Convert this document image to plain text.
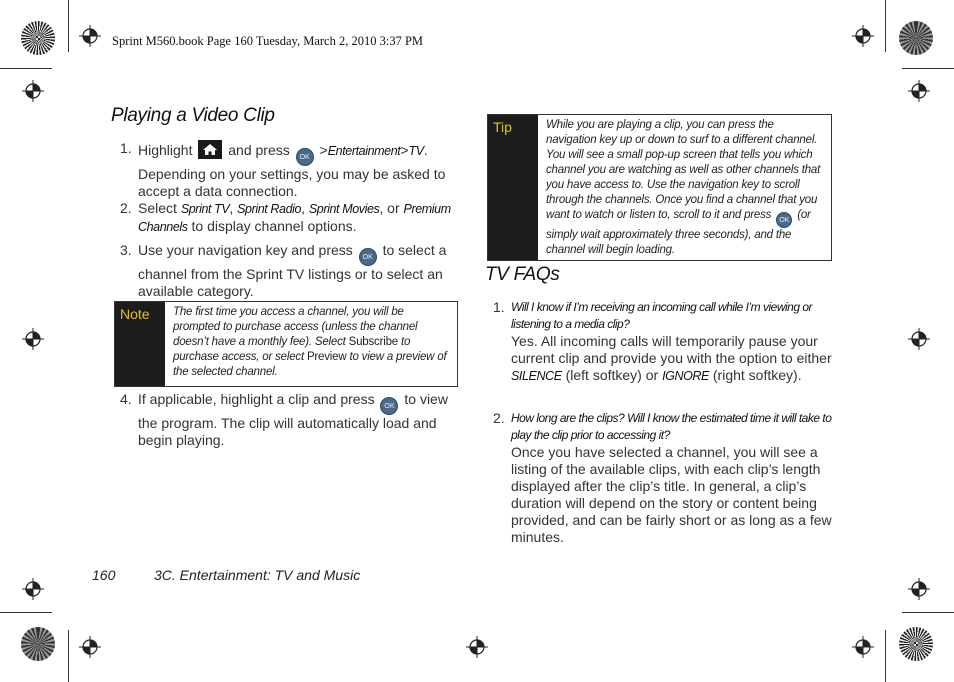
Sprint M560.book Page 160 Tuesday, March 2, 2010 3:37 PM
Playing a Video Clip
1. Highlight	and press OK >Entertainment>TV. Depending on your settings, you may be asked to accept a data connection.
2. Select Sprint TV, Sprint Radio, Sprint Movies, or Premium Channels to display channel options.
3. Use your navigation key and press OK to select a channel from the Sprint TV listings or to select an available category.
Note	The first time you access a channel, you will be prompted to purchase access (unless the channel doesn’t have a monthly fee). Select Subscribe to purchase access, or select Preview to view a preview of the selected channel.
4. If applicable, highlight a clip and press OK to view the program. The clip will automatically load and begin playing.
Tip	While you are playing a clip, you can press the navigation key up or down to surf to a different channel. You will see a small pop-up screen that tells you which channel you are watching as well as other channels that you have access to. Use the navigation key to scroll through the channels. Once you find a channel that you want to watch or listen to, scroll to it and press OK (or simply wait approximately three seconds), and the channel will begin loading.
TV FAQs
1. Will I know if I’m receiving an incoming call while I’m viewing or listening to a media clip?
Yes. All incoming calls will temporarily pause your current clip and provide you with the option to either SILENCE (left softkey) or IGNORE (right softkey).
2. How long are the clips? Will I know the estimated time it will take to play the clip prior to accessing it?
Once you have selected a channel, you will see a listing of the available clips, with each clip’s length displayed after the clip’s title. In general, a clip’s duration will depend on the story or content being provided, and can be fairly short or as long as a few minutes.
160	3C. Entertainment: TV and Music
